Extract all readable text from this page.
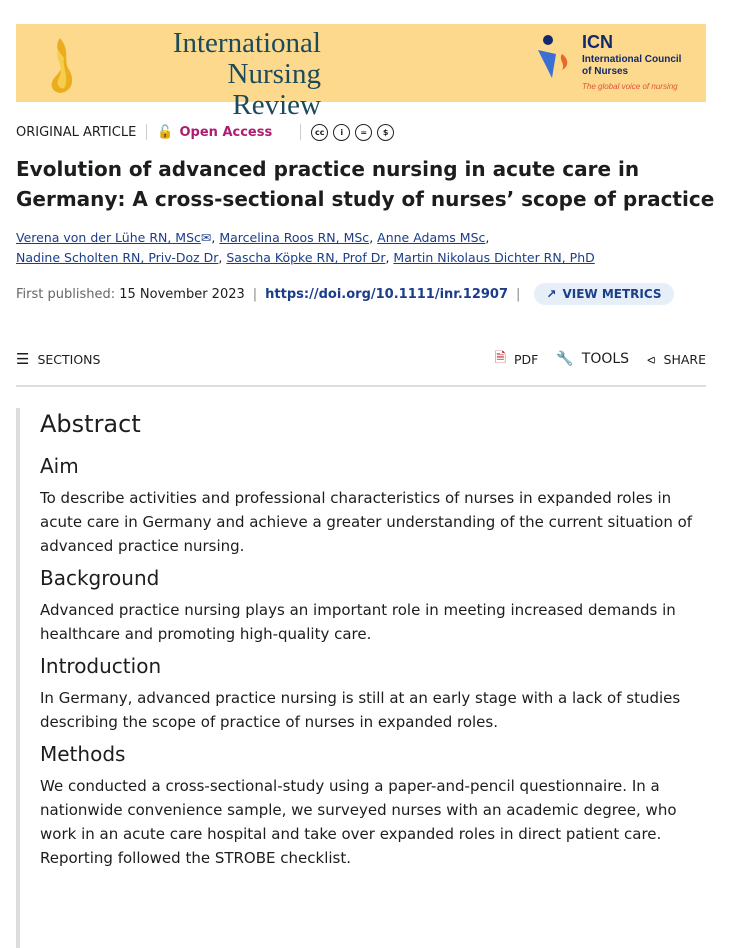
International Nursing Review
ICN
International Council of Nurses
The global voice of nursing
ORIGINAL ARTICLE 🔓 Open Access	cc	i	=	$
Evolution of advanced practice nursing in acute care in Germany: A cross-sectional study of nurses’ scope of practice
Verena von der Lühe RN, MSc✉, Marcelina Roos RN, MSc, Anne Adams MSc,
Nadine Scholten RN, Priv-Doz Dr, Sascha Köpke RN, Prof Dr, Martin Nikolaus Dichter RN, PhD
First published:
15 November 2023 | https://doi.org/10.1111/inr.12907 | ↗ VIEW METRICS
☰ SECTIONS	🗎 PDF 🔧 TOOLS ⪦ SHARE
Abstract
Aim

To describe activities and professional characteristics of nurses in expanded roles in acute care in Germany and achieve a greater understanding of the current situation of advanced practice nursing.

Background

Advanced practice nursing plays an important role in meeting increased demands in healthcare and promoting high-quality care.

Introduction

In Germany, advanced practice nursing is still at an early stage with a lack of studies describing the scope of practice of nurses in expanded roles.

Methods

We conducted a cross-sectional-study using a paper-and-pencil questionnaire. In a nationwide convenience sample, we surveyed nurses with an academic degree, who work in an acute care hospital and take over expanded roles in direct patient care. Reporting followed the STROBE checklist.
